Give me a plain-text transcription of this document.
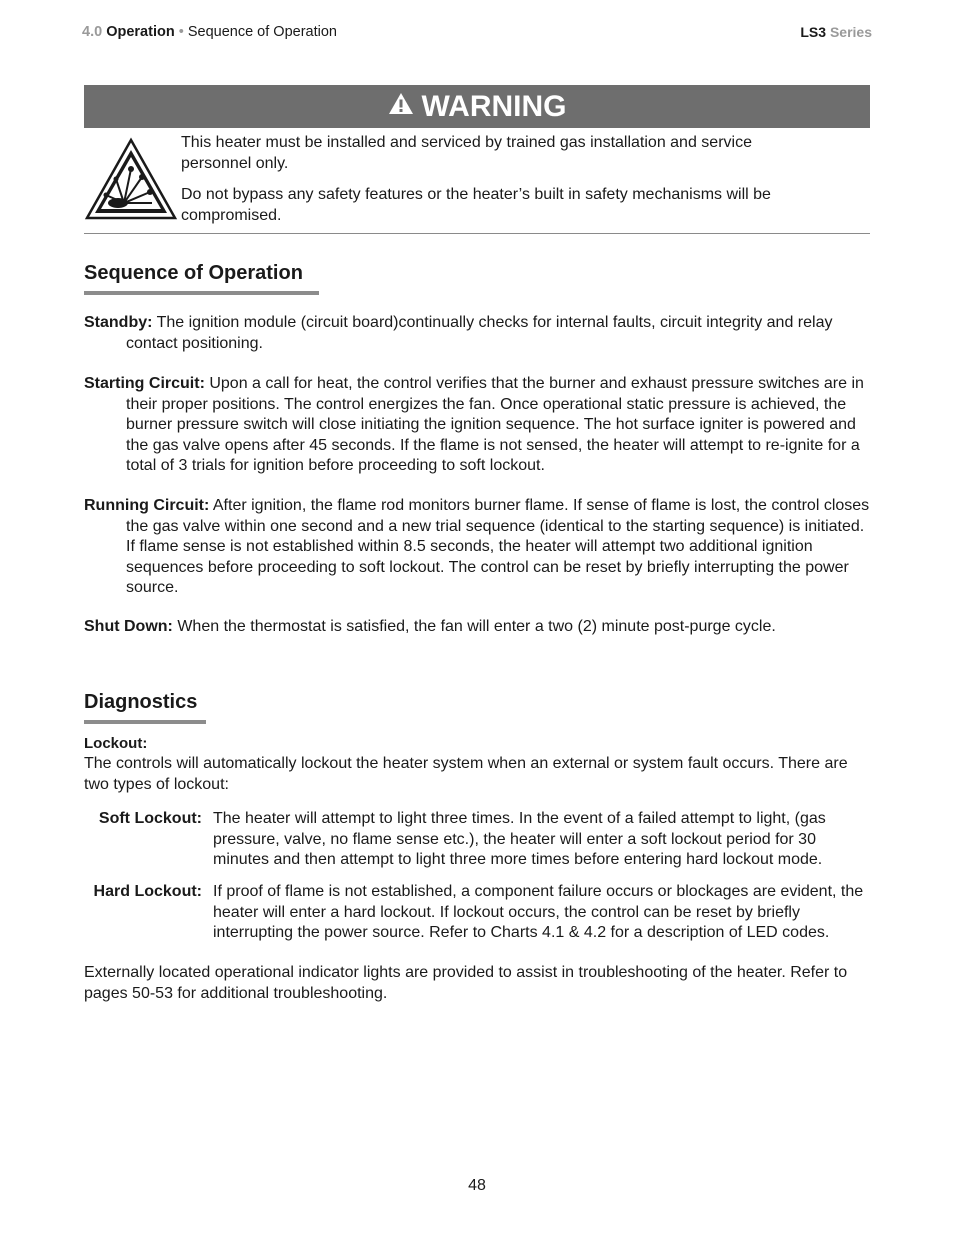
4.0 Operation • Sequence of Operation	LS3 Series
WARNING

This heater must be installed and serviced by trained gas installation and service personnel only.

Do not bypass any safety features or the heater’s built in safety mechanisms will be compromised.

Sequence of Operation
Standby: The ignition module (circuit board)continually checks for internal faults, circuit integrity and relay contact positioning.
Starting Circuit: Upon a call for heat, the control verifies that the burner and exhaust pressure switches are in their proper positions. The control energizes the fan. Once operational static pressure is achieved, the burner pressure switch will close initiating the ignition sequence. The hot surface igniter is powered and the gas valve opens after 45 seconds. If the flame is not sensed, the heater will attempt to re-ignite for a total of 3 trials for ignition before proceeding to soft lockout.
Running Circuit: After ignition, the flame rod monitors burner flame. If sense of flame is lost, the control closes the gas valve within one second and a new trial sequence (identical to the starting sequence) is initiated. If flame sense is not established within 8.5 seconds, the heater will attempt two additional ignition sequences before proceeding to soft lockout. The control can be reset by briefly interrupting the power source.
Shut Down: When the thermostat is satisfied, the fan will enter a two (2) minute post-purge cycle.
Diagnostics
Lockout:
The controls will automatically lockout the heater system when an external or system fault occurs. There are two types of lockout:
Soft Lockout: The heater will attempt to light three times. In the event of a failed attempt to light, (gas pressure, valve, no flame sense etc.), the heater will enter a soft lockout period for 30 minutes and then attempt to light three more times before entering hard lockout mode.
Hard Lockout: If proof of flame is not established, a component failure occurs or blockages are evident, the heater will enter a hard lockout. If lockout occurs, the control can be reset by briefly interrupting the power source. Refer to Charts 4.1 & 4.2 for a description of LED codes.
Externally located operational indicator lights are provided to assist in troubleshooting of the heater. Refer to pages 50-53 for additional troubleshooting.
48
